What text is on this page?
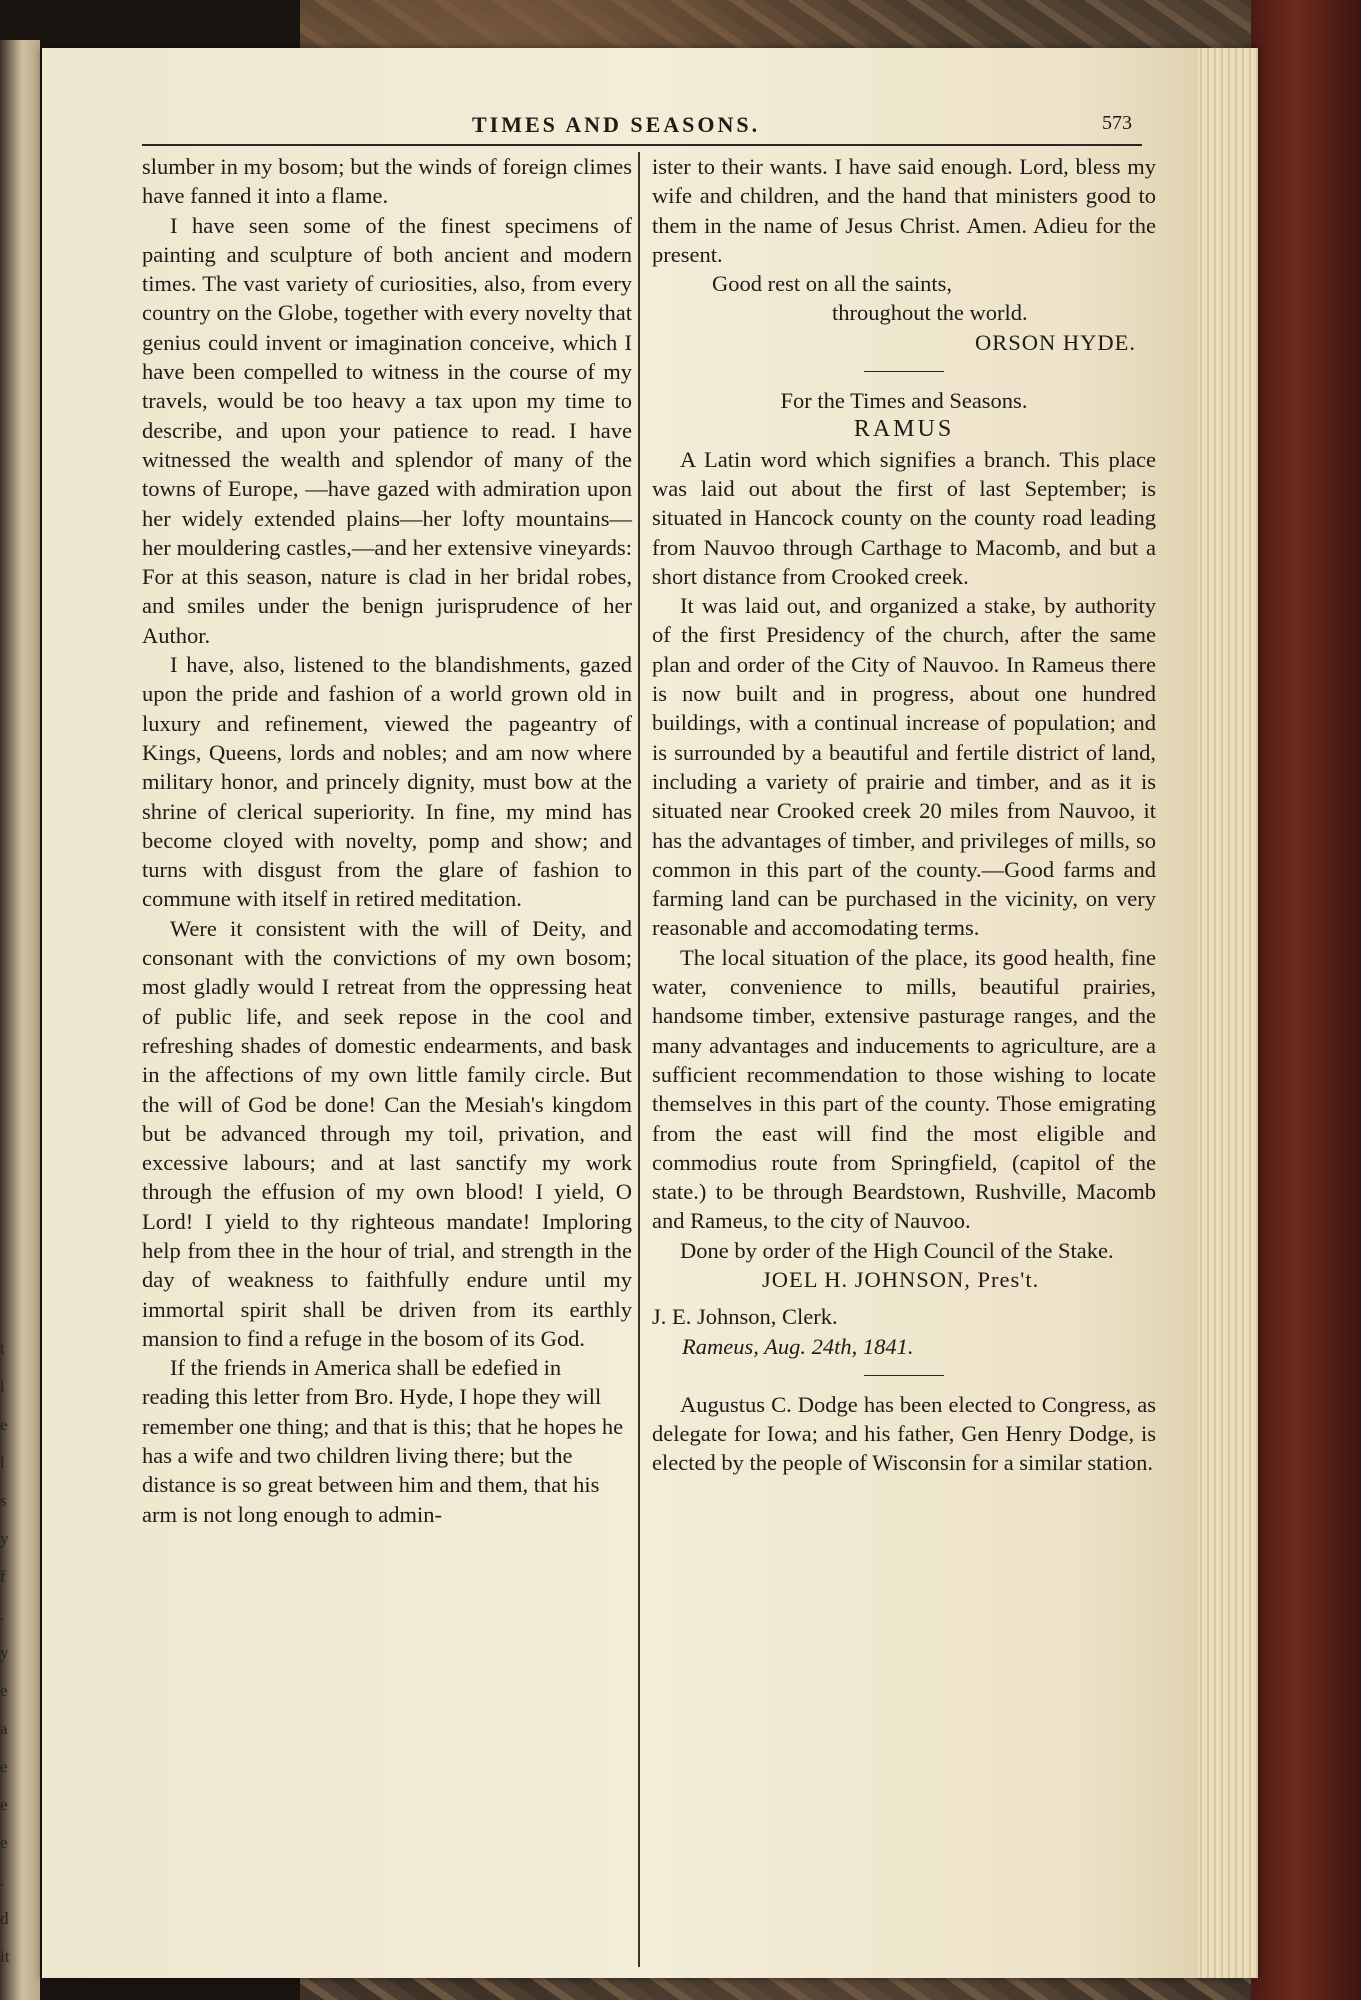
t
l
e
l
s
y
f
.
y
e
a
e
e
e
.
d
it
TIMES AND SEASONS.	573

slumber in my bosom; but the winds of foreign climes have fanned it into a flame.

I have seen some of the finest specimens of painting and sculpture of both ancient and modern times. The vast variety of curiosities, also, from every country on the Globe, together with every novelty that genius could invent or imagination conceive, which I have been compelled to witness in the course of my travels, would be too heavy a tax upon my time to describe, and upon your patience to read. I have witnessed the wealth and splendor of many of the towns of Europe, —have gazed with admiration upon her widely extended plains—her lofty mountains—her mouldering castles,—and her extensive vineyards: For at this season, nature is clad in her bridal robes, and smiles under the benign jurisprudence of her Author.

I have, also, listened to the blandishments, gazed upon the pride and fashion of a world grown old in luxury and refinement, viewed the pageantry of Kings, Queens, lords and nobles; and am now where military honor, and princely dignity, must bow at the shrine of clerical superiority. In fine, my mind has become cloyed with novelty, pomp and show; and turns with disgust from the glare of fashion to commune with itself in retired meditation.

Were it consistent with the will of Deity, and consonant with the convictions of my own bosom; most gladly would I retreat from the oppressing heat of public life, and seek repose in the cool and refreshing shades of domestic endearments, and bask in the affections of my own little family circle. But the will of God be done! Can the Mesiah's kingdom but be advanced through my toil, privation, and excessive labours; and at last sanctify my work through the effusion of my own blood! I yield, O Lord! I yield to thy righteous mandate! Imploring help from thee in the hour of trial, and strength in the day of weakness to faithfully endure until my immortal spirit shall be driven from its earthly mansion to find a refuge in the bosom of its God.

If the friends in America shall be edefied in reading this letter from Bro. Hyde, I hope they will remember one thing; and that is this; that he hopes he has a wife and two children living there; but the distance is so great between him and them, that his arm is not long enough to admin-

ister to their wants. I have said enough. Lord, bless my wife and children, and the hand that ministers good to them in the name of Jesus Christ. Amen. Adieu for the present.

Good rest on all the saints,

throughout the world.

ORSON HYDE.

For the Times and Seasons.

RAMUS

A Latin word which signifies a branch. This place was laid out about the first of last September; is situated in Hancock county on the county road leading from Nauvoo through Carthage to Macomb, and but a short distance from Crooked creek.

It was laid out, and organized a stake, by authority of the first Presidency of the church, after the same plan and order of the City of Nauvoo. In Rameus there is now built and in progress, about one hundred buildings, with a continual increase of population; and is surrounded by a beautiful and fertile district of land, including a variety of prairie and timber, and as it is situated near Crooked creek 20 miles from Nauvoo, it has the advantages of timber, and privileges of mills, so common in this part of the county.—Good farms and farming land can be purchased in the vicinity, on very reasonable and accomodating terms.

The local situation of the place, its good health, fine water, convenience to mills, beautiful prairies, handsome timber, extensive pasturage ranges, and the many advantages and inducements to agriculture, are a sufficient recommendation to those wishing to locate themselves in this part of the county. Those emigrating from the east will find the most eligible and commodius route from Springfield, (capitol of the state.) to be through Beardstown, Rushville, Macomb and Rameus, to the city of Nauvoo.

Done by order of the High Council of the Stake.

JOEL H. JOHNSON, Pres't.

J. E. Johnson, Clerk.

Rameus, Aug. 24th, 1841.

Augustus C. Dodge has been elected to Congress, as delegate for Iowa; and his father, Gen Henry Dodge, is elected by the people of Wisconsin for a similar station.
